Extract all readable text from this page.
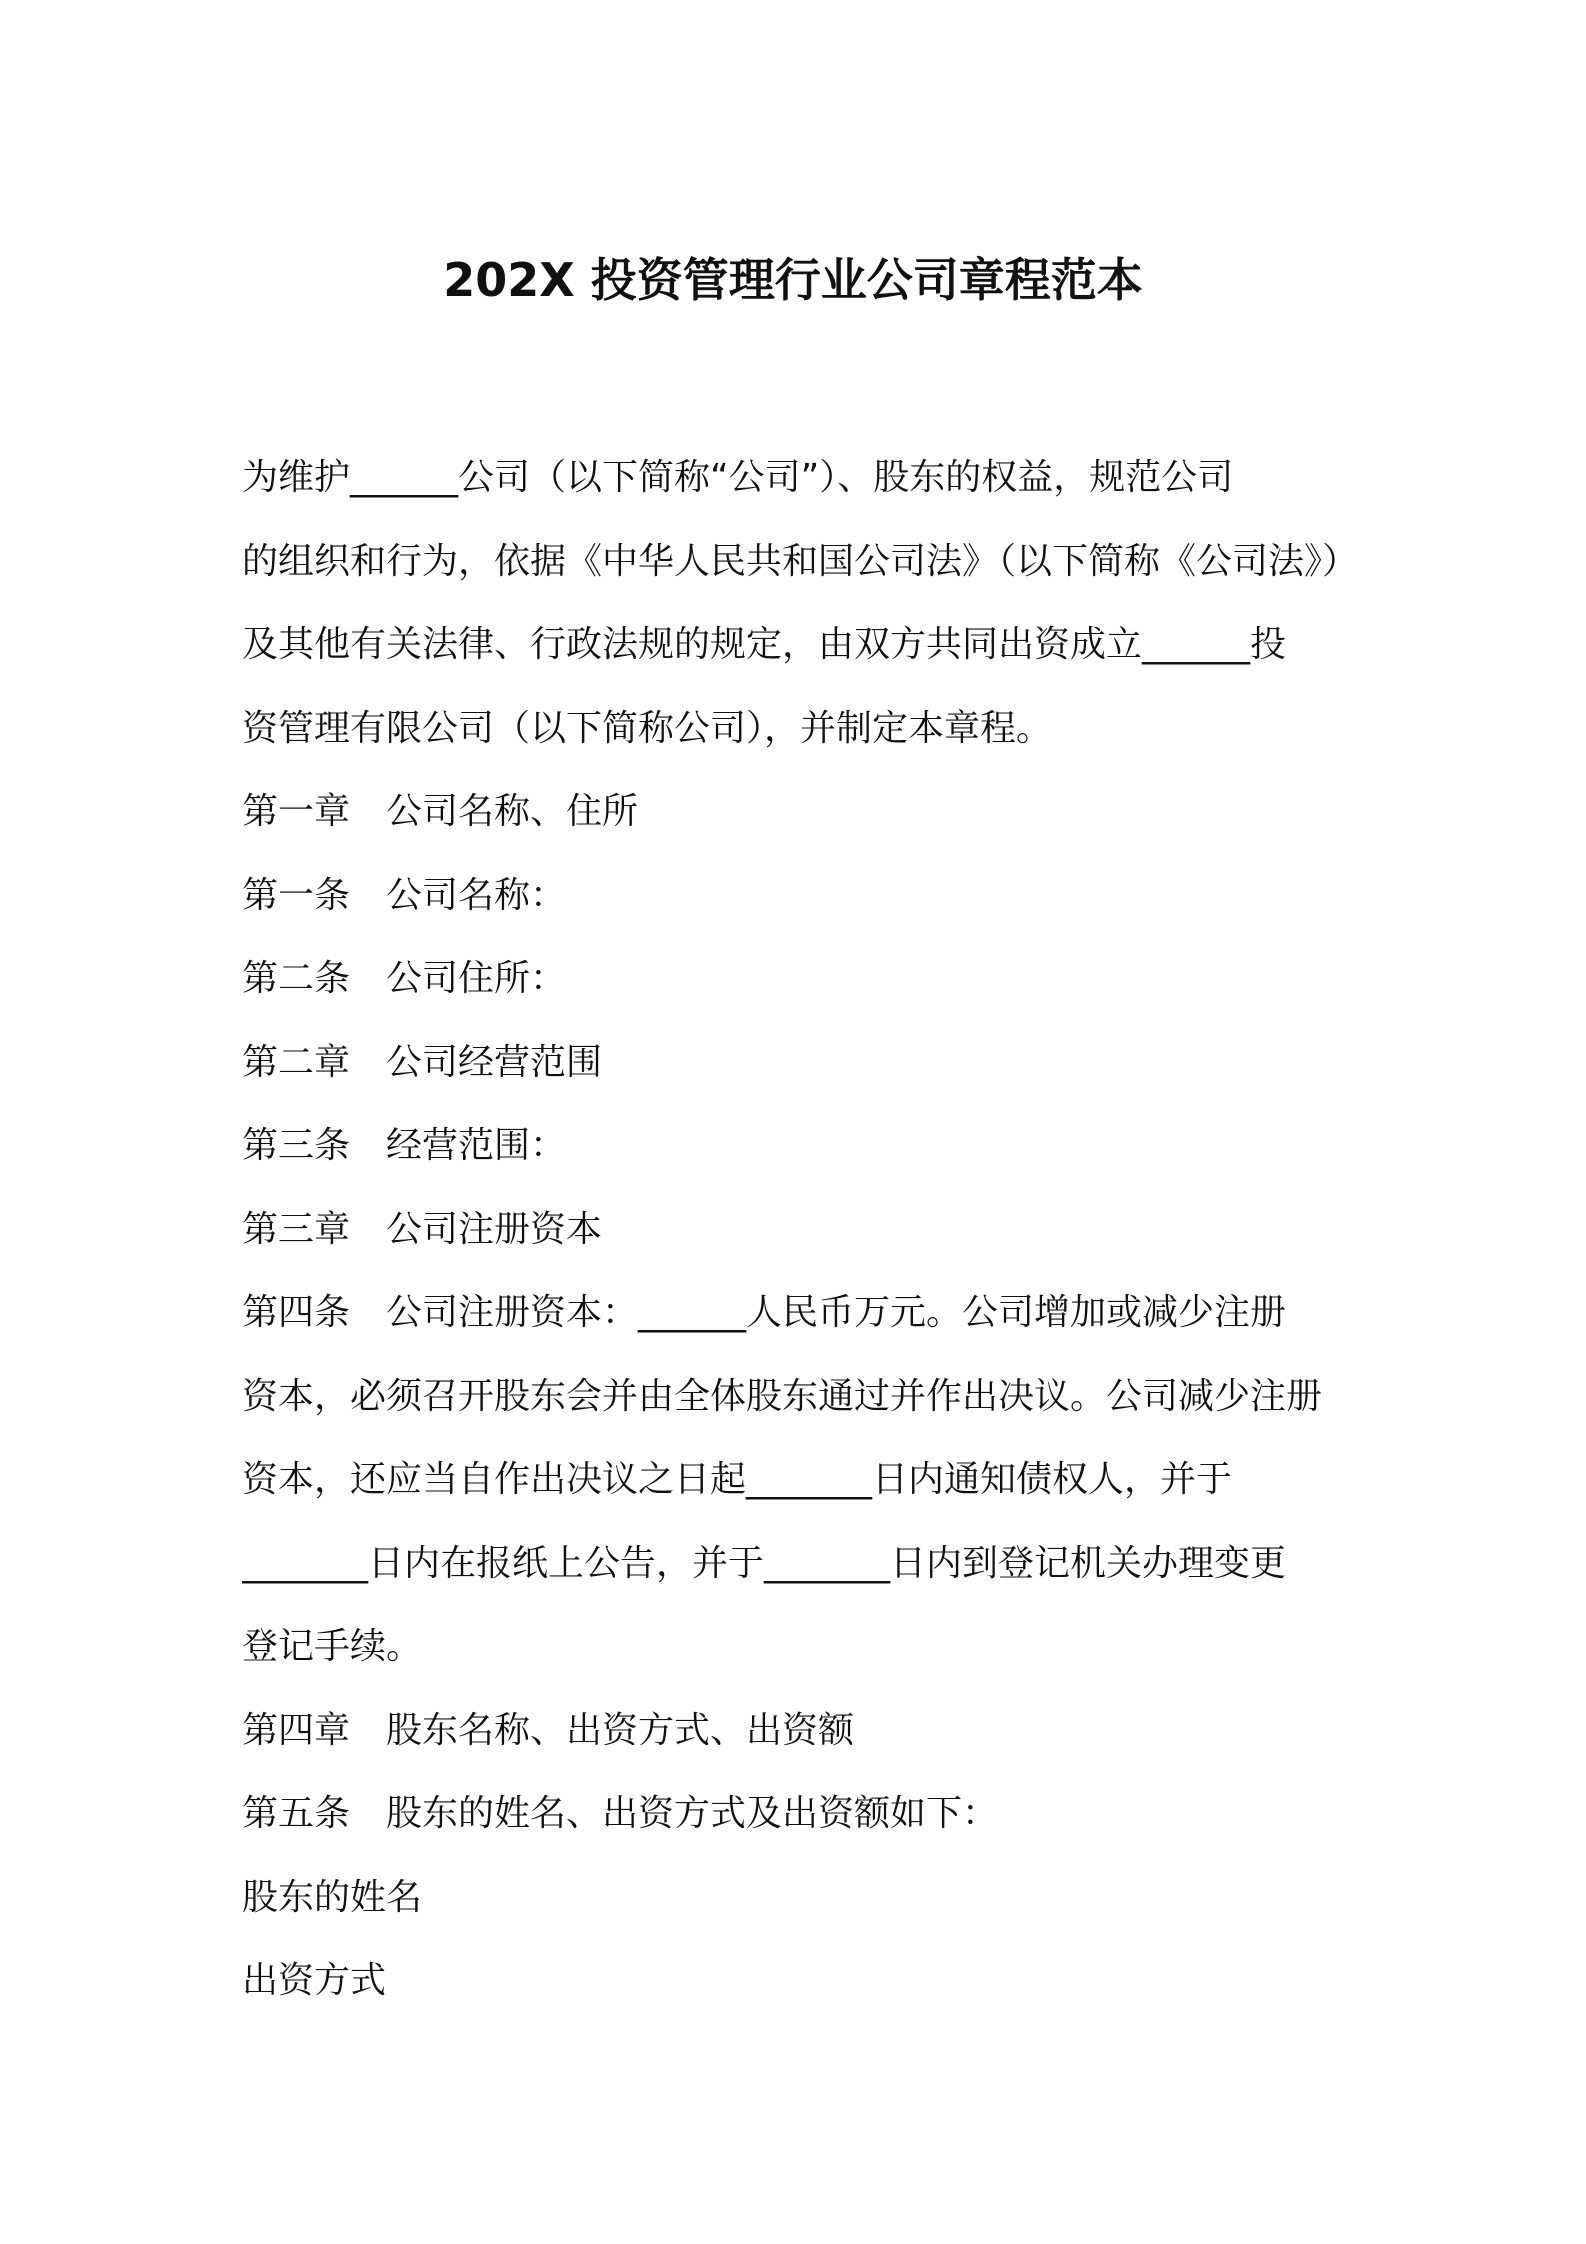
202X 投资管理行业公司章程范本
为维护______公司（以下简称“公司”）、股东的权益，规范公司
的组织和行为，依据《中华人民共和国公司法》（以下简称《公司法》）
及其他有关法律、行政法规的规定，由双方共同出资成立______投
资管理有限公司（以下简称公司），并制定本章程。
第一章 公司名称、住所
第一条 公司名称：
第二条 公司住所：
第二章 公司经营范围
第三条 经营范围：
第三章 公司注册资本
第四条 公司注册资本：______人民币万元。公司增加或减少注册
资本，必须召开股东会并由全体股东通过并作出决议。公司减少注册
资本，还应当自作出决议之日起_______日内通知债权人，并于
_______日内在报纸上公告，并于_______日内到登记机关办理变更
登记手续。
第四章 股东名称、出资方式、出资额
第五条 股东的姓名、出资方式及出资额如下：
股东的姓名
出资方式
